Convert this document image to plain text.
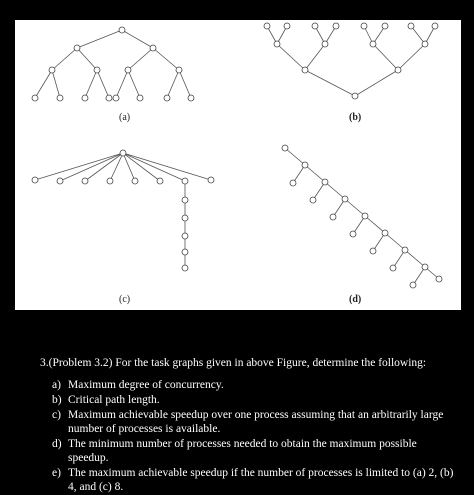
(a)	(b)
(c)	(d)
3.(Problem 3.2) For the task graphs given in above Figure, determine the following:
a) Maximum degree of concurrency.
b) Critical path length.
c) Maximum achievable speedup over one process assuming that an arbitrarily large number of processes is available.
d) The minimum number of processes needed to obtain the maximum possible speedup.
e) The maximum achievable speedup if the number of processes is limited to (a) 2, (b) 4, and (c) 8.
